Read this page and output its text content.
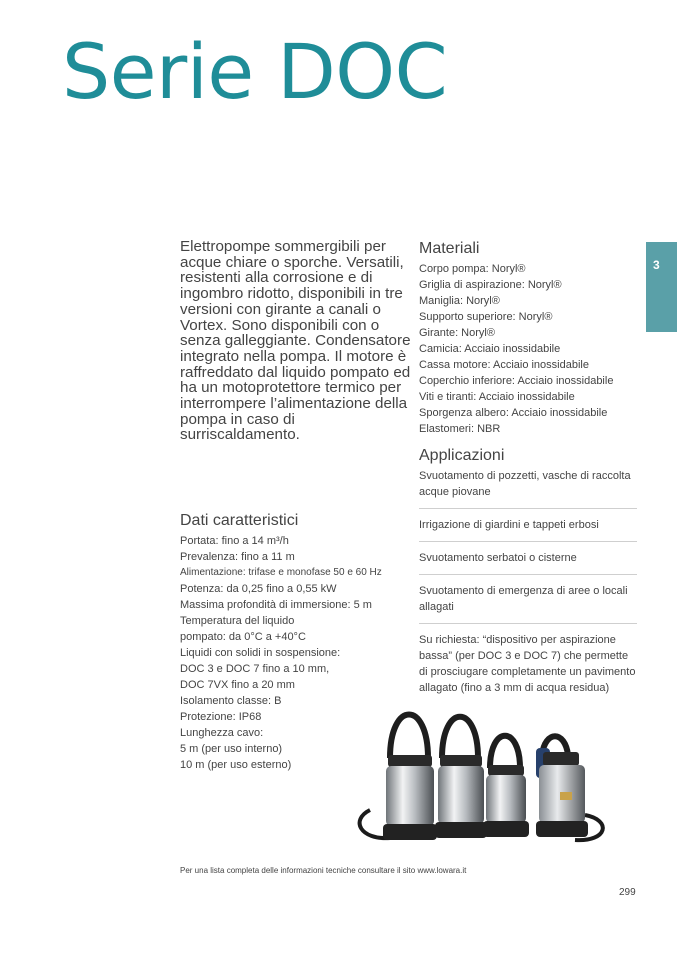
Serie DOC
3

Elettropompe sommergibili per acque chiare o sporche. Versatili, resistenti alla corrosione e di ingombro ridotto, disponibili in tre versioni con girante a canali o Vortex. Sono disponibili con o senza galleggiante. Condensatore integrato nella pompa. Il motore è raffreddato dal liquido pompato ed ha un motoprotettore termico per interrompere l’alimentazione della pompa in caso di surriscaldamento.

Dati caratteristici
Portata: fino a 14 m³/h
Prevalenza: fino a 11 m
Alimentazione: trifase e monofase 50 e 60 Hz
Potenza: da 0,25 fino a 0,55 kW
Massima profondità di immersione: 5 m
Temperatura del liquido
pompato: da 0°C a +40°C
Liquidi con solidi in sospensione:
DOC 3 e DOC 7 fino a 10 mm,
DOC 7VX fino a 20 mm
Isolamento classe: B
Protezione: IP68
Lunghezza cavo:
5 m (per uso interno)
10 m (per uso esterno)
Materiali
Corpo pompa: Noryl®
Griglia di aspirazione: Noryl®
Maniglia: Noryl®
Supporto superiore: Noryl®
Girante: Noryl®
Camicia: Acciaio inossidabile
Cassa motore: Acciaio inossidabile
Coperchio inferiore: Acciaio inossidabile
Viti e tiranti: Acciaio inossidabile
Sporgenza albero: Acciaio inossidabile
Elastomeri: NBR
Applicazioni
Svuotamento di pozzetti, vasche di raccolta acque piovane
Irrigazione di giardini e tappeti erbosi
Svuotamento serbatoi o cisterne
Svuotamento di emergenza di aree o locali allagati
Su richiesta: “dispositivo per aspirazione bassa” (per DOC 3 e DOC 7) che permette di prosciugare completamente un pavimento allagato (fino a 3 mm di acqua residua)
Per una lista completa delle informazioni tecniche consultare il sito www.lowara.it
299
